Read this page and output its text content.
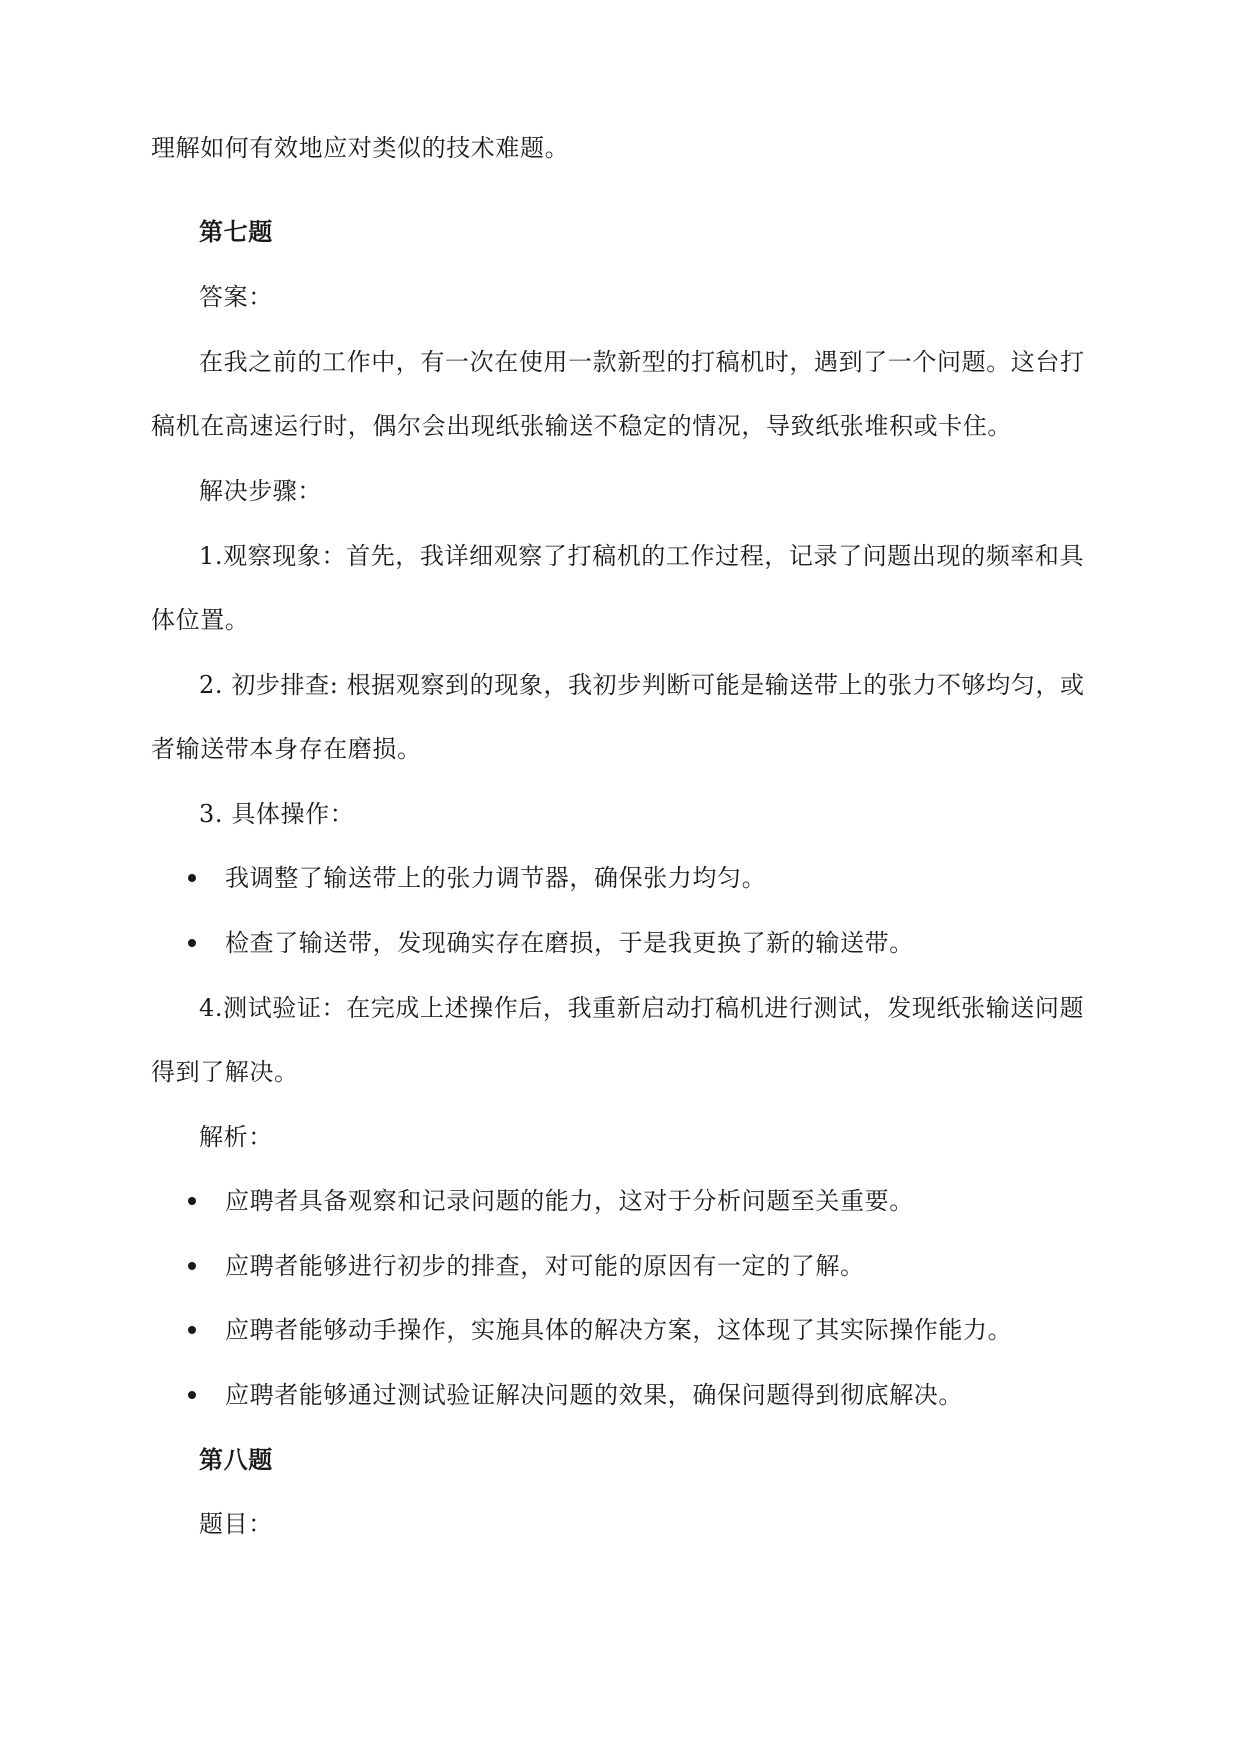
理解如何有效地应对类似的技术难题。
第七题
答案：
在我之前的工作中，有一次在使用一款新型的打稿机时，遇到了一个问题。这台打
稿机在高速运行时，偶尔会出现纸张输送不稳定的情况，导致纸张堆积或卡住。
解决步骤：
1.观察现象：首先，我详细观察了打稿机的工作过程，记录了问题出现的频率和具
体位置。
2. 初步排查: 根据观察到的现象，我初步判断可能是输送带上的张力不够均匀，或
者输送带本身存在磨损。
3. 具体操作：
我调整了输送带上的张力调节器，确保张力均匀。
检查了输送带，发现确实存在磨损，于是我更换了新的输送带。
4.测试验证：在完成上述操作后，我重新启动打稿机进行测试，发现纸张输送问题
得到了解决。
解析：
应聘者具备观察和记录问题的能力，这对于分析问题至关重要。
应聘者能够进行初步的排查，对可能的原因有一定的了解。
应聘者能够动手操作，实施具体的解决方案，这体现了其实际操作能力。
应聘者能够通过测试验证解决问题的效果，确保问题得到彻底解决。
第八题
题目：
